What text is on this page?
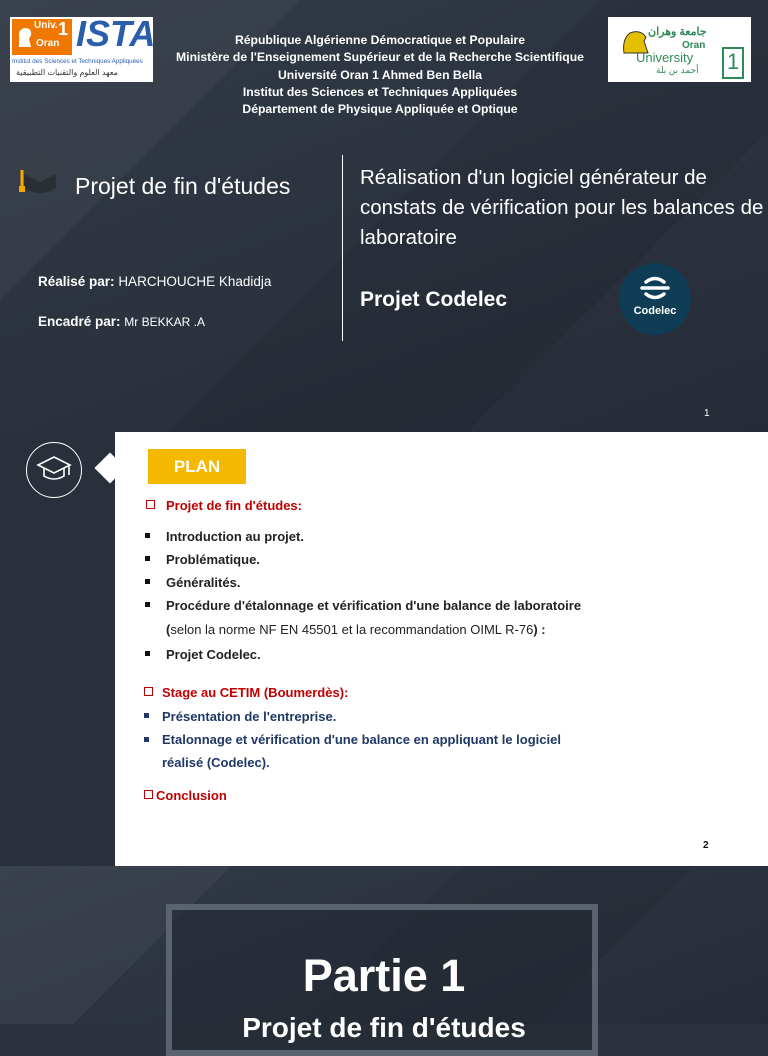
Univ. 1
Oran ISTA
Institut des Sciences et Techniques Appliquées
معهد العلوم والتقنيات التطبيقية
République Algérienne Démocratique et Populaire
Ministère de l'Enseignement Supérieur et de la Recherche Scientifique
Université Oran 1 Ahmed Ben Bella
Institut des Sciences et Techniques Appliquées
Département de Physique Appliquée et Optique
جامعة وهران
Oran
University
أحمد بن بلة 1
Projet de fin d'études	Réalisation d'un logiciel générateur de constats de vérification pour les balances de laboratoire
Projet Codelec
Réalisé par: HARCHOUCHE Khadidja
Encadré par: Mr BEKKAR .A
Codelec
1
PLAN
Projet de fin d'études:
Introduction au projet.
Problématique.
Généralités.
Procédure d'étalonnage et vérification d'une balance de laboratoire
(selon la norme NF EN 45501 et la recommandation OIML R-76) :
Projet Codelec.
Stage au CETIM (Boumerdès):
Présentation de l'entreprise.
Etalonnage et vérification d'une balance en appliquant le logiciel
réalisé (Codelec).
Conclusion
2
Partie 1
Projet de fin d'études
